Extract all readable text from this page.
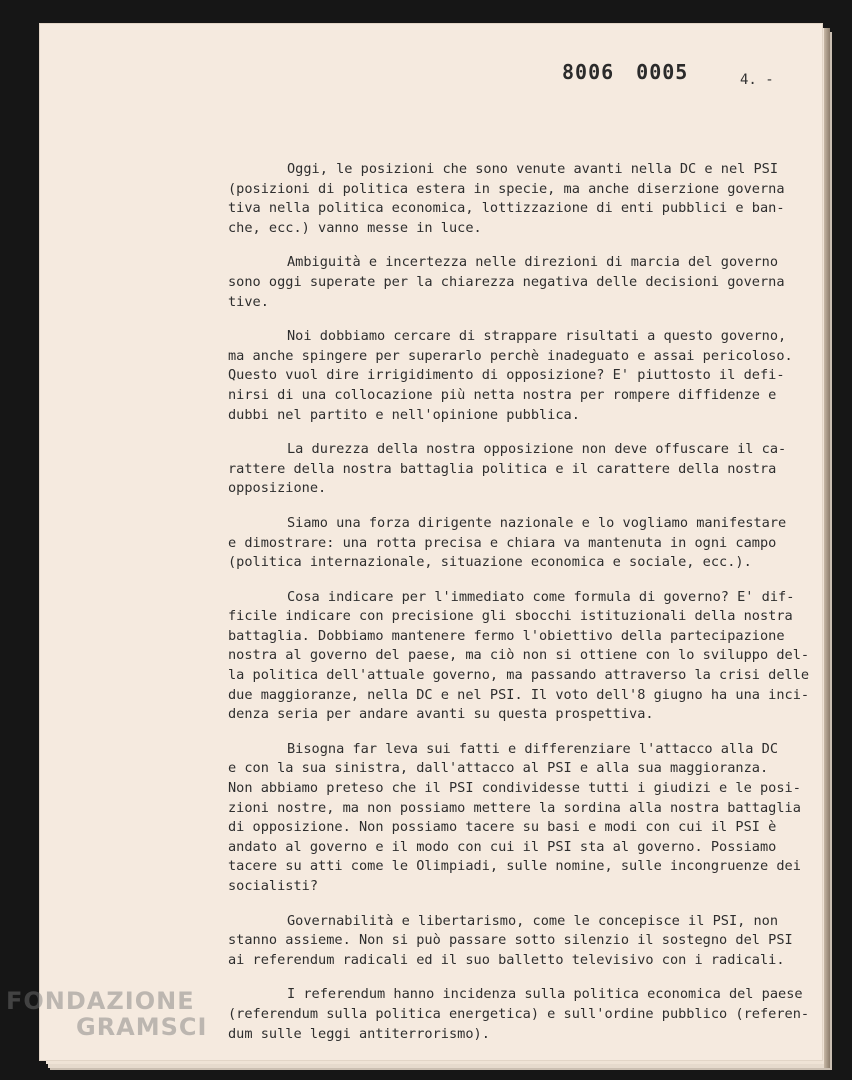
8006 0005	4. -
Oggi, le posizioni che sono venute avanti nella DC e nel PSI
(posizioni di politica estera in specie, ma anche diserzione governa
tiva nella politica economica, lottizzazione di enti pubblici e ban-
che, ecc.) vanno messe in luce.
Ambiguità e incertezza nelle direzioni di marcia del governo
sono oggi superate per la chiarezza negativa delle decisioni governa
tive.
Noi dobbiamo cercare di strappare risultati a questo governo,
ma anche spingere per superarlo perchè inadeguato e assai pericoloso.
Questo vuol dire irrigidimento di opposizione? E' piuttosto il defi-
nirsi di una collocazione più netta nostra per rompere diffidenze e
dubbi nel partito e nell'opinione pubblica.
La durezza della nostra opposizione non deve offuscare il ca-
rattere della nostra battaglia politica e il carattere della nostra
opposizione.
Siamo una forza dirigente nazionale e lo vogliamo manifestare
e dimostrare: una rotta precisa e chiara va mantenuta in ogni campo
(politica internazionale, situazione economica e sociale, ecc.).
Cosa indicare per l'immediato come formula di governo? E' dif-
ficile indicare con precisione gli sbocchi istituzionali della nostra
battaglia. Dobbiamo mantenere fermo l'obiettivo della partecipazione
nostra al governo del paese, ma ciò non si ottiene con lo sviluppo del-
la politica dell'attuale governo, ma passando attraverso la crisi delle
due maggioranze, nella DC e nel PSI. Il voto dell'8 giugno ha una inci-
denza seria per andare avanti su questa prospettiva.
Bisogna far leva sui fatti e differenziare l'attacco alla DC
e con la sua sinistra, dall'attacco al PSI e alla sua maggioranza.
Non abbiamo preteso che il PSI condividesse tutti i giudizi e le posi-
zioni nostre, ma non possiamo mettere la sordina alla nostra battaglia
di opposizione. Non possiamo tacere su basi e modi con cui il PSI è
andato al governo e il modo con cui il PSI sta al governo. Possiamo
tacere su atti come le Olimpiadi, sulle nomine, sulle incongruenze dei
socialisti?
Governabilità e libertarismo, come le concepisce il PSI, non
stanno assieme. Non si può passare sotto silenzio il sostegno del PSI
ai referendum radicali ed il suo balletto televisivo con i radicali.
I referendum hanno incidenza sulla politica economica del paese
(referendum sulla politica energetica) e sull'ordine pubblico (referen-
dum sulle leggi antiterrorismo).
FONDAZIONE
GRAMSCI
